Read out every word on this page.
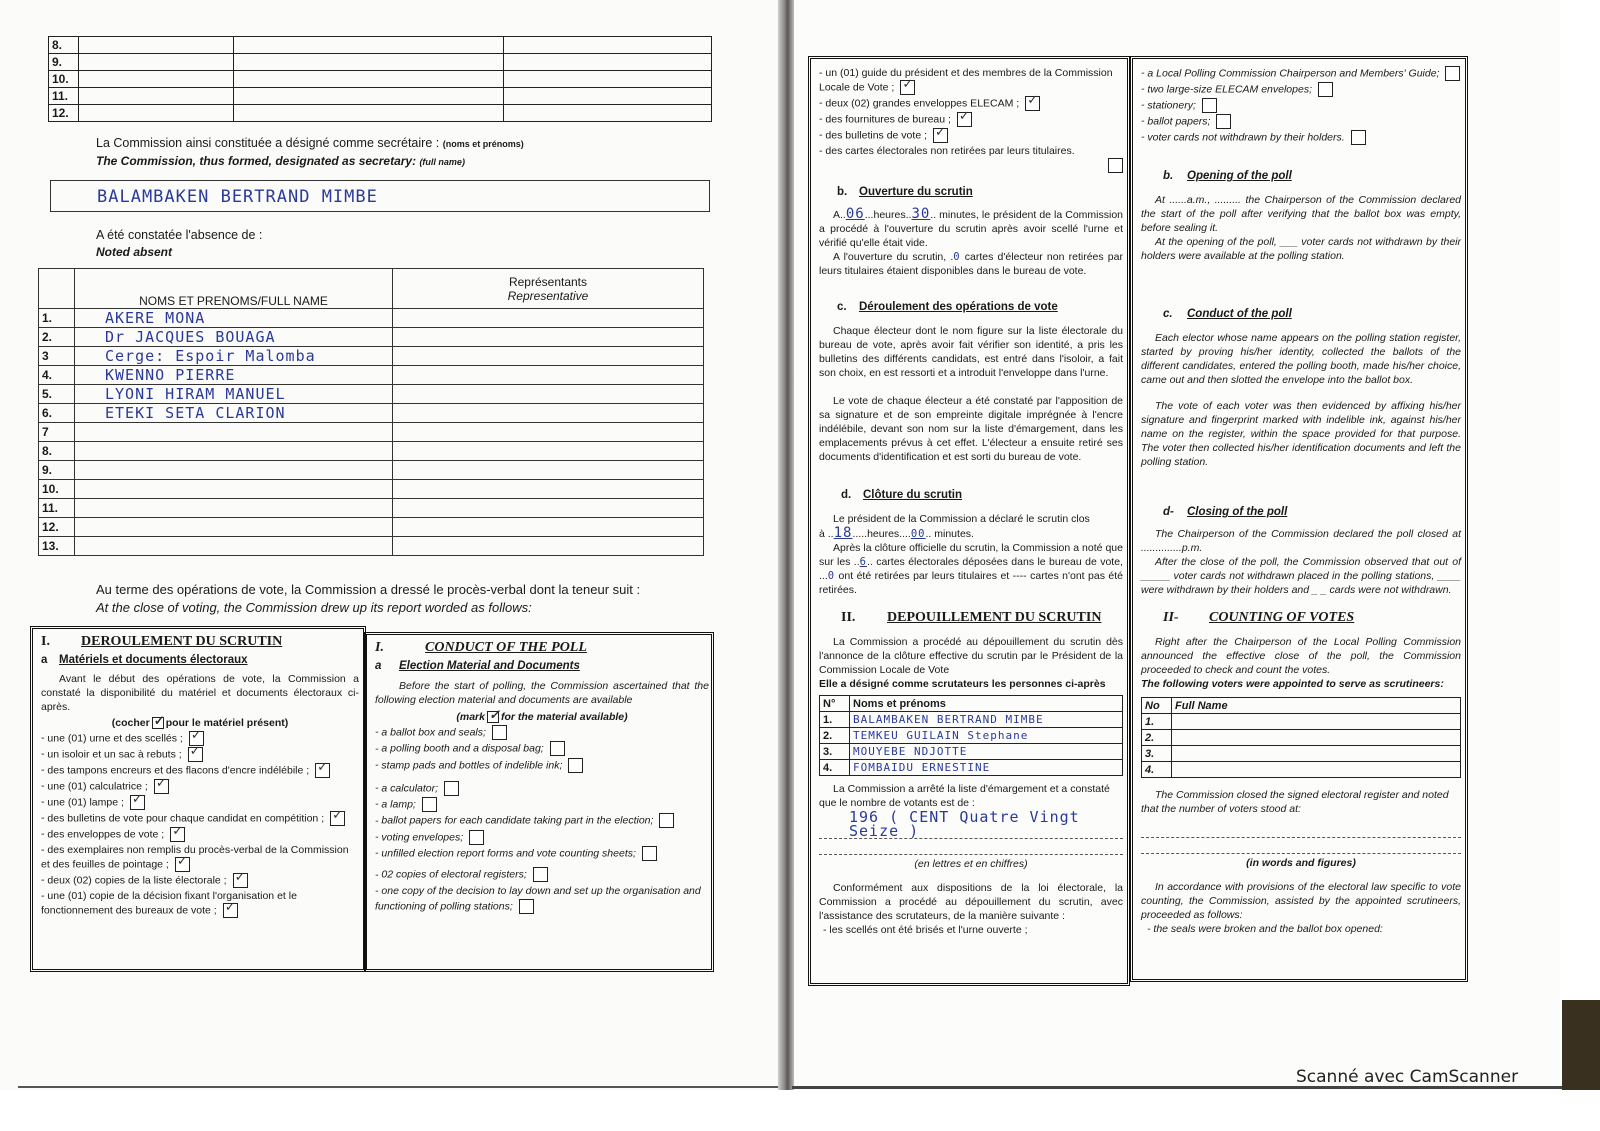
8.			
9.			
10.			
11.			
12.			
La Commission ainsi constituée a désigné comme secrétaire : (noms et prénoms)
The Commission, thus formed, designated as secretary: (full name)
BALAMBAKEN BERTRAND MIMBE
A été constatée l'absence de :
Noted absent
	NOMS ET PRENOMS/FULL NAME	Représentants
Representative

1.	AKERE MONA	
2.	Dr JACQUES BOUAGA	
3	Cerge: Espoir Malomba	
4.	KWENNO PIERRE	
5.	LYONI HIRAM MANUEL	
6.	ETEKI SETA CLARION	
7		
8.		
9.		
10.		
11.		
12.		
13.		
Au terme des opérations de vote, la Commission a dressé le procès-verbal dont la teneur suit :
At the close of voting, the Commission drew up its report worded as follows:
I. DEROULEMENT DU SCRUTIN
a Matériels et documents électoraux
Avant le début des opérations de vote, la Commission a constaté la disponibilité du matériel et documents électoraux ci-après.
(cocher ✓ pour le matériel présent)
- une (01) urne et des scellés ;✓
- un isoloir et un sac à rebuts ;✓
- des tampons encreurs et des flacons d'encre indélébile ;✓
- une (01) calculatrice ;✓
- une (01) lampe ;✓
- des bulletins de vote pour chaque candidat en compétition ;✓
- des enveloppes de vote ;✓
- des exemplaires non remplis du procès-verbal de la Commission et des feuilles de pointage ;✓
- deux (02) copies de la liste électorale ;✓
- une (01) copie de la décision fixant l'organisation et le fonctionnement des bureaux de vote ;✓
I.	CONDUCT OF THE POLL
a Election Material and Documents
Before the start of polling, the Commission ascertained that the following election material and documents are available
(mark ✓ for the material available)
- a ballot box and seals;
- a polling booth and a disposal bag;
- stamp pads and bottles of indelible ink;
- a calculator;
- a lamp;
- ballot papers for each candidate taking part in the election;
- voting envelopes;
- unfilled election report forms and vote counting sheets;
- 02 copies of electoral registers;
- one copy of the decision to lay down and set up the organisation and functioning of polling stations;
- un (01) guide du président et des membres de la Commission Locale de Vote ;✓
- deux (02) grandes enveloppes ELECAM ;✓
- des fournitures de bureau ;✓
- des bulletins de vote ;✓
- des cartes électorales non retirées par leurs titulaires.
b. Ouverture du scrutin
A..06...heures..30.. minutes, le président de la Commission a procédé à l'ouverture du scrutin après avoir scellé l'urne et vérifié qu'elle était vide.
A l'ouverture du scrutin, .0 cartes d'électeur non retirées par leurs titulaires étaient disponibles dans le bureau de vote.
c. Déroulement des opérations de vote
Chaque électeur dont le nom figure sur la liste électorale du bureau de vote, après avoir fait vérifier son identité, a pris les bulletins des différents candidats, est entré dans l'isoloir, a fait son choix, en est ressorti et a introduit l'enveloppe dans l'urne.
Le vote de chaque électeur a été constaté par l'apposition de sa signature et de son empreinte digitale imprégnée à l'encre indélébile, devant son nom sur la liste d'émargement, dans les emplacements prévus à cet effet. L'électeur a ensuite retiré ses documents d'identification et est sorti du bureau de vote.
d. Clôture du scrutin
Le président de la Commission a déclaré le scrutin clos
à ..18.....heures....00.. minutes.
Après la clôture officielle du scrutin, la Commission a noté que sur les ..6.. cartes électorales déposées dans le bureau de vote, ...0 ont été retirées par leurs titulaires et ---- cartes n'ont pas été retirées.
II. DEPOUILLEMENT DU SCRUTIN
La Commission a procédé au dépouillement du scrutin dès l'annonce de la clôture effective du scrutin par le Président de la Commission Locale de Vote
Elle a désigné comme scrutateurs les personnes ci-après
N°	Noms et prénoms
1.	BALAMBAKEN BERTRAND MIMBE
2.	TEMKEU GUILAIN Stephane
3.	MOUYEBE NDJOTTE
4.	FOMBAIDU ERNESTINE
La Commission a arrêté la liste d'émargement et a constaté que le nombre de votants est de :
196 ( CENT Quatre Vingt Seize )
(en lettres et en chiffres)
Conformément aux dispositions de la loi électorale, la Commission a procédé au dépouillement du scrutin, avec l'assistance des scrutateurs, de la manière suivante :
- les scellés ont été brisés et l'urne ouverte ;
- a Local Polling Commission Chairperson and Members' Guide;
- two large-size ELECAM envelopes;
- stationery;
- ballot papers;
- voter cards not withdrawn by their holders.
b. Opening of the poll
At ......a.m., ......... the Chairperson of the Commission declared the start of the poll after verifying that the ballot box was empty, before sealing it.
At the opening of the poll, ___ voter cards not withdrawn by their holders were available at the polling station.
c. Conduct of the poll
Each elector whose name appears on the polling station register, started by proving his/her identity, collected the ballots of the different candidates, entered the polling booth, made his/her choice, came out and then slotted the envelope into the ballot box.
The vote of each voter was then evidenced by affixing his/her signature and fingerprint marked with indelible ink, against his/her name on the register, within the space provided for that purpose. The voter then collected his/her identification documents and left the polling station.
d- Closing of the poll
The Chairperson of the Commission declared the poll closed at ..............p.m.
After the close of the poll, the Commission observed that out of _____ voter cards not withdrawn placed in the polling stations, ____ were withdrawn by their holders and _ _ cards were not withdrawn.
II- COUNTING OF VOTES
Right after the Chairperson of the Local Polling Commission announced the effective close of the poll, the Commission proceeded to check and count the votes.
The following voters were appointed to serve as scrutineers:
No	Full Name
1.	
2.	
3.	
4.	
The Commission closed the signed electoral register and noted that the number of voters stood at:
(in words and figures)
In accordance with provisions of the electoral law specific to vote counting, the Commission, assisted by the appointed scrutineers, proceeded as follows:
- the seals were broken and the ballot box opened:
Scanné avec CamScanner
